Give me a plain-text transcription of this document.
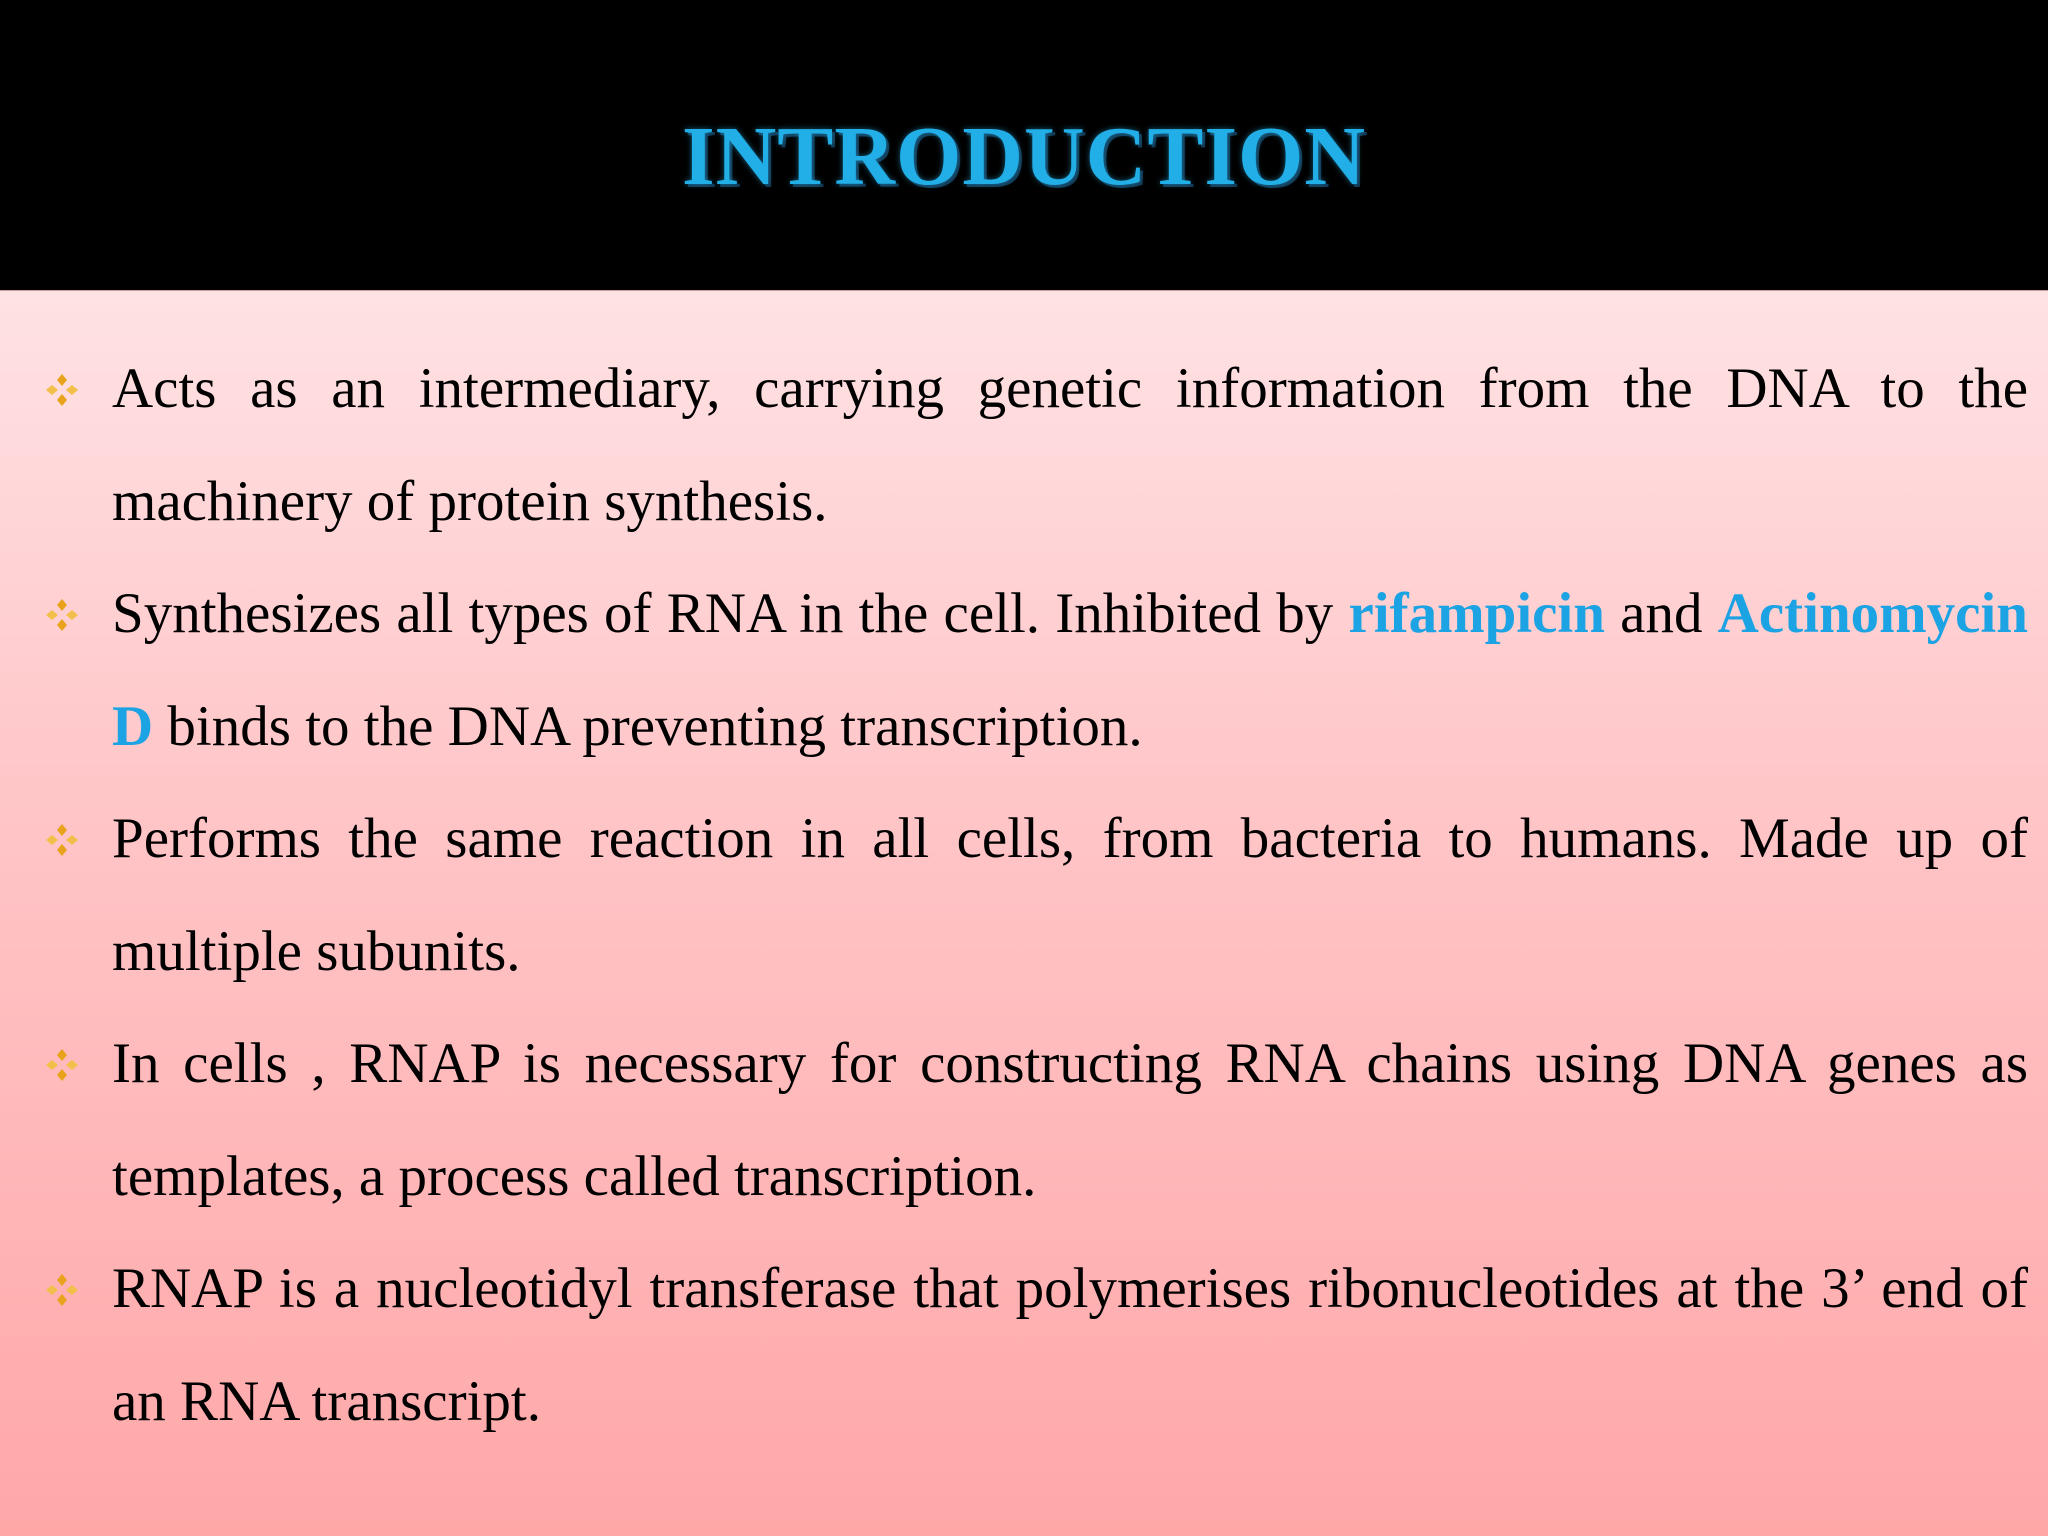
INTRODUCTION
Acts as an intermediary, carrying genetic information from the DNA to the machinery of protein synthesis.
Synthesizes all types of RNA in the cell. Inhibited by rifampicin and Actinomycin D binds to the DNA preventing transcription.
Performs the same reaction in all cells, from bacteria to humans. Made up of multiple subunits.
In cells , RNAP is necessary for constructing RNA chains using DNA genes as templates, a process called transcription.
RNAP is a nucleotidyl transferase that polymerises ribonucleotides at the 3’ end of an RNA transcript.
